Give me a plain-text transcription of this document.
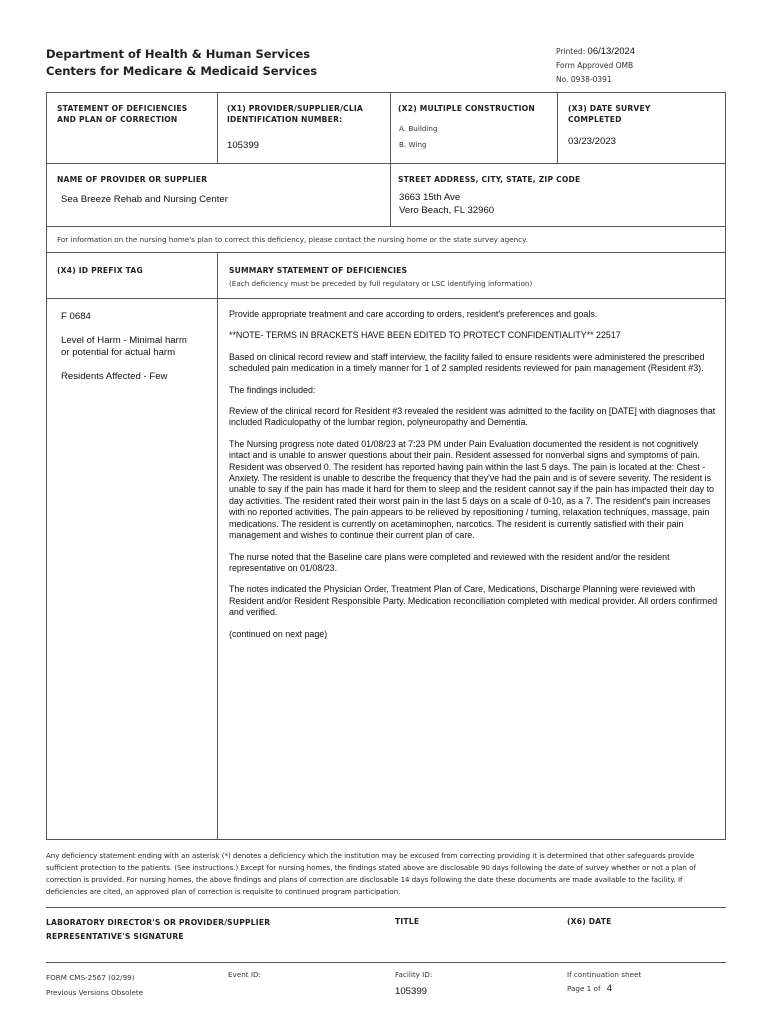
Department of Health & Human Services
Centers for Medicare & Medicaid Services
Printed: 06/13/2024
Form Approved OMB
No. 0938-0391
STATEMENT OF DEFICIENCIES
AND PLAN OF CORRECTION
(X1) PROVIDER/SUPPLIER/CLIA
IDENTIFICATION NUMBER:
105399
(X2) MULTIPLE CONSTRUCTION
A. Building
B. Wing
(X3) DATE SURVEY
COMPLETED
03/23/2023
NAME OF PROVIDER OR SUPPLIER
Sea Breeze Rehab and Nursing Center
STREET ADDRESS, CITY, STATE, ZIP CODE
3663 15th Ave
Vero Beach, FL 32960
For information on the nursing home's plan to correct this deficiency, please contact the nursing home or the state survey agency.
(X4) ID PREFIX TAG	SUMMARY STATEMENT OF DEFICIENCIES
(Each deficiency must be preceded by full regulatory or LSC identifying information)
F 0684
Level of Harm - Minimal harm
or potential for actual harm
Residents Affected - Few

Provide appropriate treatment and care according to orders, resident's preferences and goals.

**NOTE- TERMS IN BRACKETS HAVE BEEN EDITED TO PROTECT CONFIDENTIALITY** 22517

Based on clinical record review and staff interview, the facility failed to ensure residents were administered the prescribed scheduled pain medication in a timely manner for 1 of 2 sampled residents reviewed for pain management (Resident #3).

The findings included:

Review of the clinical record for Resident #3 revealed the resident was admitted to the facility on [DATE] with diagnoses that included Radiculopathy of the lumbar region, polyneuropathy and Dementia.

The Nursing progress note dated 01/08/23 at 7:23 PM under Pain Evaluation documented the resident is not cognitively intact and is unable to answer questions about their pain. Resident assessed for nonverbal signs and symptoms of pain. Resident was observed 0. The resident has reported having pain within the last 5 days. The pain is located at the: Chest - Anxiety. The resident is unable to describe the frequency that they've had the pain and is of severe severity. The resident is unable to say if the pain has made it hard for them to sleep and the resident cannot say if the pain has impacted their day to day activities. The resident rated their worst pain in the last 5 days on a scale of 0-10, as a 7. The resident's pain increases with no reported activities. The pain appears to be relieved by repositioning / turning, relaxation techniques, massage, pain medications. The resident is currently on acetaminophen, narcotics. The resident is currently satisfied with their pain management and wishes to continue their current plan of care.

The nurse noted that the Baseline care plans were completed and reviewed with the resident and/or the resident representative on 01/08/23.

The notes indicated the Physician Order, Treatment Plan of Care, Medications, Discharge Planning were reviewed with Resident and/or Resident Responsible Party. Medication reconciliation completed with medical provider. All orders confirmed and verified.

(continued on next page)

Any deficiency statement ending with an asterisk (*) denotes a deficiency which the institution may be excused from correcting providing it is determined that other safeguards provide sufficient protection to the patients. (See instructions.) Except for nursing homes, the findings stated above are disclosable 90 days following the date of survey whether or not a plan of correction is provided. For nursing homes, the above findings and plans of correction are disclosable 14 days following the date these documents are made available to the facility. If deficiencies are cited, an approved plan of correction is requisite to continued program participation.
LABORATORY DIRECTOR'S OR PROVIDER/SUPPLIER
REPRESENTATIVE'S SIGNATURE
TITLE	(X6) DATE
FORM CMS-2567 (02/99)
Previous Versions Obsolete
Event ID:	Facility ID:
105399
If continuation sheet
Page 1 of 4
